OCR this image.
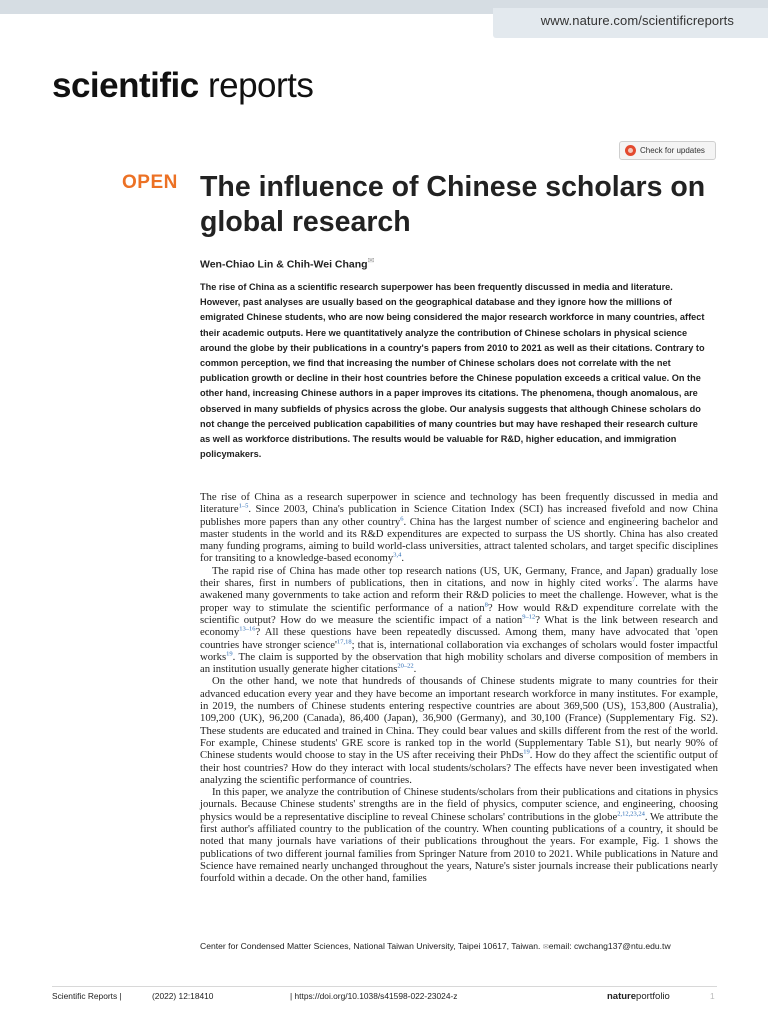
www.nature.com/scientificreports
scientific reports
Check for updates
OPEN The influence of Chinese scholars on global research
Wen-Chiao Lin & Chih-Wei Chang✉

The rise of China as a scientific research superpower has been frequently discussed in media and literature. However, past analyses are usually based on the geographical database and they ignore how the millions of emigrated Chinese students, who are now being considered the major research workforce in many countries, affect their academic outputs. Here we quantitatively analyze the contribution of Chinese scholars in physical science around the globe by their publications in a country's papers from 2010 to 2021 as well as their citations. Contrary to common perception, we find that increasing the number of Chinese scholars does not correlate with the net publication growth or decline in their host countries before the Chinese population exceeds a critical value. On the other hand, increasing Chinese authors in a paper improves its citations. The phenomena, though anomalous, are observed in many subfields of physics across the globe. Our analysis suggests that although Chinese scholars do not change the perceived publication capabilities of many countries but may have reshaped their research culture as well as workforce distributions. The results would be valuable for R&D, higher education, and immigration policymakers.

The rise of China as a research superpower in science and technology has been frequently discussed in media and literature$^{1-5}$. Since 2003, China's publication in Science Citation Index (SCI) has increased fivefold and now China publishes more papers than any other country$^6$. China has the largest number of science and engineering bachelor and master students in the world and its R&D expenditures are expected to surpass the US shortly. China has also created many funding programs, aiming to build world-class universities, attract talented scholars, and target specific disciplines for transiting to a knowledge-based economy$^{3,4}$.

The rapid rise of China has made other top research nations (US, UK, Germany, France, and Japan) gradually lose their shares, first in numbers of publications, then in citations, and now in highly cited works$^7$. The alarms have awakened many governments to take action and reform their R&D policies to meet the challenge. However, what is the proper way to stimulate the scientific performance of a nation$^8$? How would R&D expenditure correlate with the scientific output? How do we measure the scientific impact of a nation$^{9-12}$? What is the link between research and economy$^{13-16}$? All these questions have been repeatedly discussed. Among them, many have advocated that 'open countries have stronger science'$^{17,18}$; that is, international collaboration via exchanges of scholars would foster impactful works$^{19}$. The claim is supported by the observation that high mobility scholars and diverse composition of members in an institution usually generate higher citations$^{20-22}$.

On the other hand, we note that hundreds of thousands of Chinese students migrate to many countries for their advanced education every year and they have become an important research workforce in many institutes. For example, in 2019, the numbers of Chinese students entering respective countries are about 369,500 (US), 153,800 (Australia), 109,200 (UK), 96,200 (Canada), 86,400 (Japan), 36,900 (Germany), and 30,100 (France) (Supplementary Fig. S2). These students are educated and trained in China. They could bear values and skills different from the rest of the world. For example, Chinese students' GRE score is ranked top in the world (Supplementary Table S1), but nearly 90% of Chinese students would choose to stay in the US after receiving their PhDs$^{19}$. How do they affect the scientific output of their host countries? How do they interact with local students/scholars? The effects have never been investigated when analyzing the scientific performance of countries.

In this paper, we analyze the contribution of Chinese students/scholars from their publications and citations in physics journals. Because Chinese students' strengths are in the field of physics, computer science, and engineering, choosing physics would be a representative discipline to reveal Chinese scholars' contributions in the globe$^{2,12,23,24}$. We attribute the first author's affiliated country to the publication of the country. When counting publications of a country, it should be noted that many journals have variations of their publications throughout the years. For example, Fig. 1 shows the publications of two different journal families from Springer Nature from 2010 to 2021. While publications in Nature and Science have remained nearly unchanged throughout the years, Nature's sister journals increase their publications nearly fourfold within a decade. On the other hand, families

Center for Condensed Matter Sciences, National Taiwan University, Taipei 10617, Taiwan. ✉email: cwchang137@ntu.edu.tw
Scientific Reports |	(2022) 12:18410	| https://doi.org/10.1038/s41598-022-23024-z	natureportfolio	1
